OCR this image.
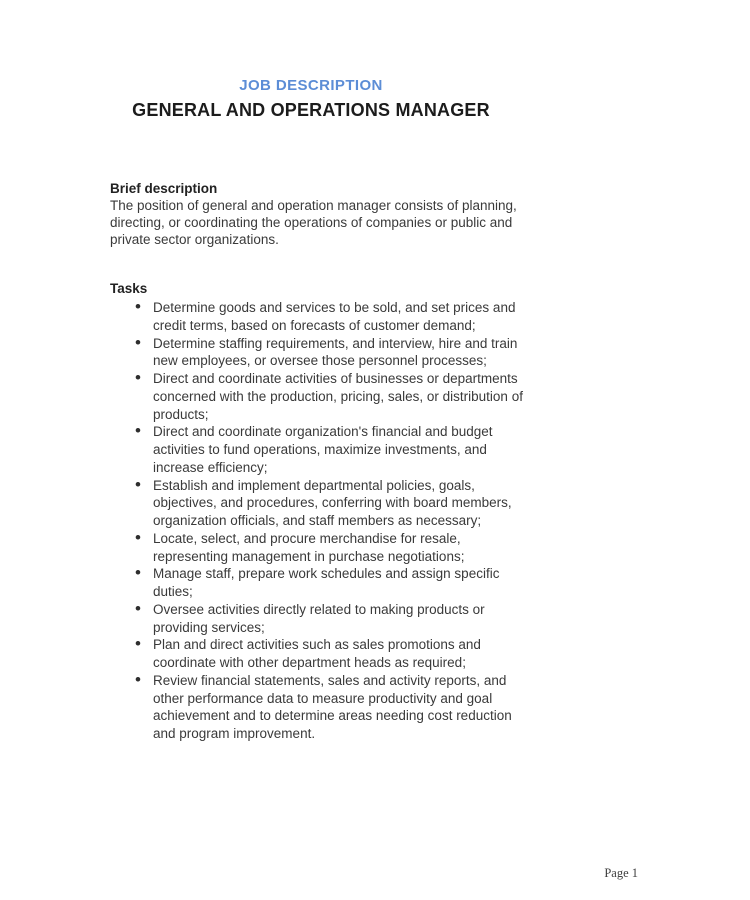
JOB DESCRIPTION
GENERAL AND OPERATIONS MANAGER
Brief description

The position of general and operation manager consists of planning, directing, or coordinating the operations of companies or public and private sector organizations.

Tasks
• Determine goods and services to be sold, and set prices and credit terms, based on forecasts of customer demand;
• Determine staffing requirements, and interview, hire and train new employees, or oversee those personnel processes;
• Direct and coordinate activities of businesses or departments concerned with the production, pricing, sales, or distribution of products;
• Direct and coordinate organization's financial and budget activities to fund operations, maximize investments, and increase efficiency;
• Establish and implement departmental policies, goals, objectives, and procedures, conferring with board members, organization officials, and staff members as necessary;
• Locate, select, and procure merchandise for resale, representing management in purchase negotiations;
• Manage staff, prepare work schedules and assign specific duties;
• Oversee activities directly related to making products or providing services;
• Plan and direct activities such as sales promotions and coordinate with other department heads as required;
• Review financial statements, sales and activity reports, and other performance data to measure productivity and goal achievement and to determine areas needing cost reduction and program improvement.
Page 1
